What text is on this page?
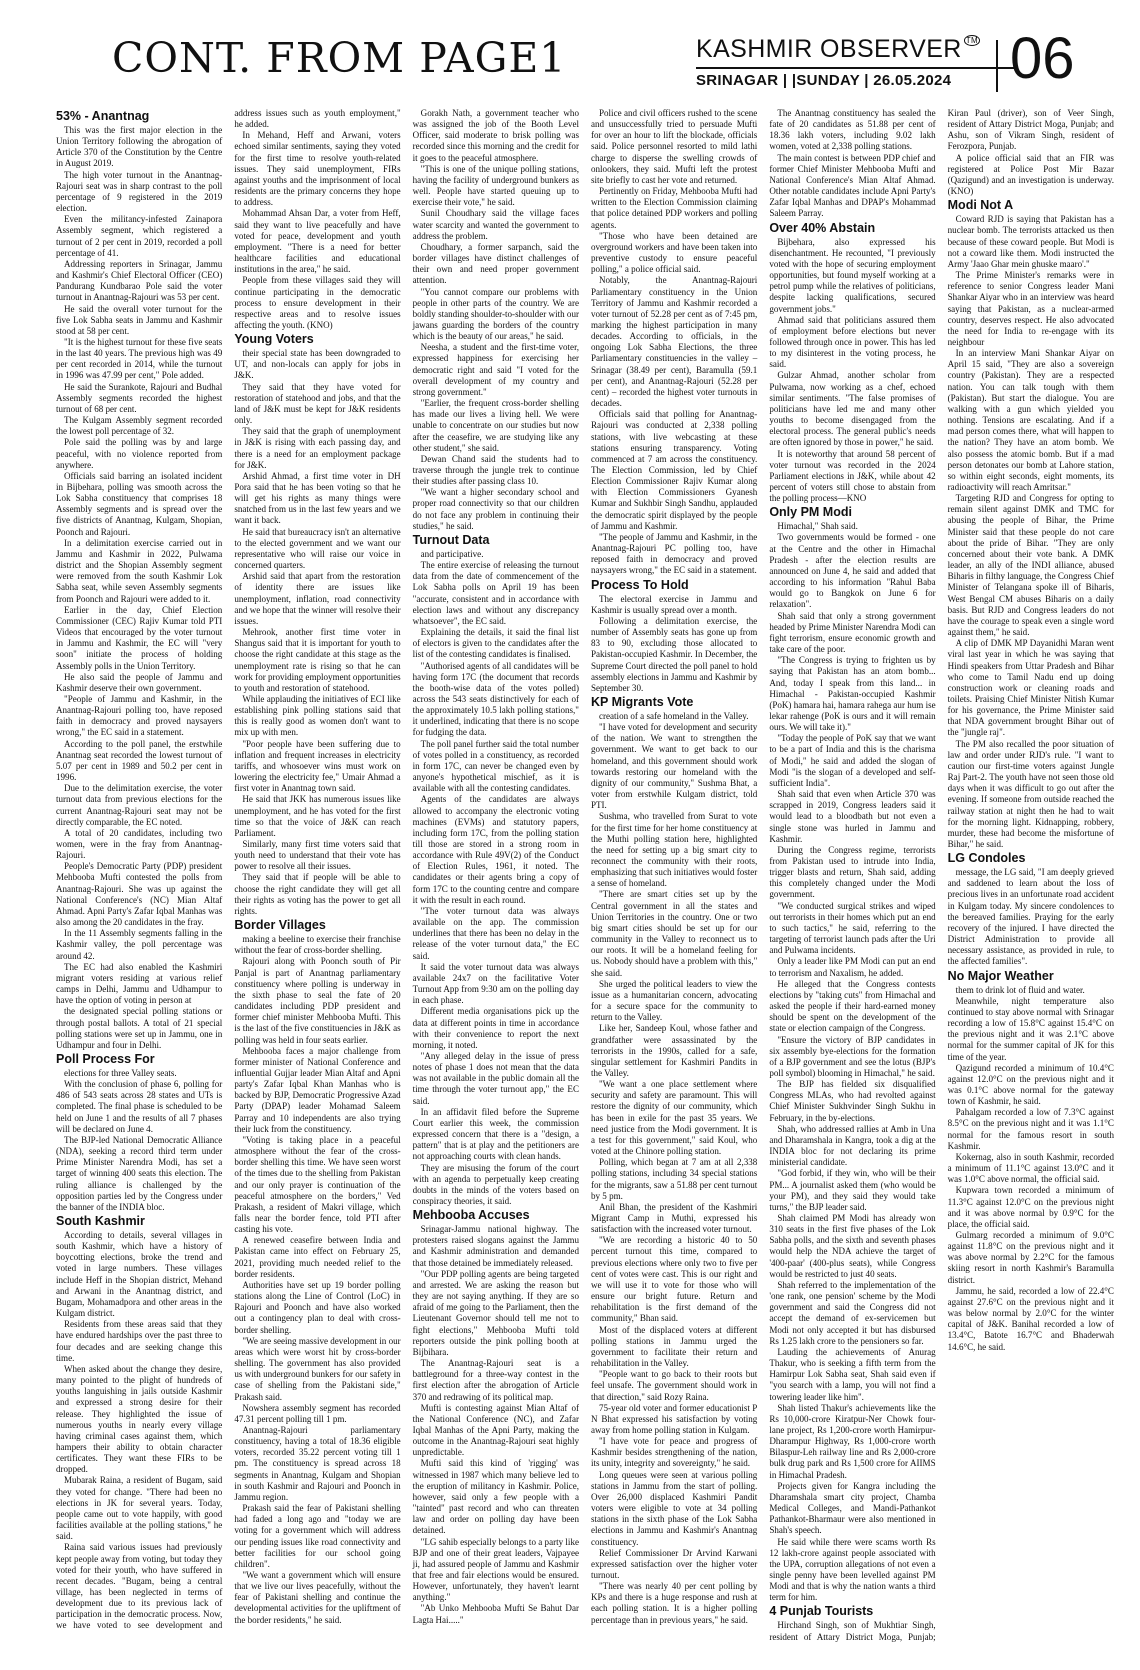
CONT. FROM PAGE1	KASHMIR OBSERVER ™
SRINAGAR | |SUNDAY | 26.05.2024	06
53% - Anantnag

This was the first major election in the Union Territory following the abrogation of Article 370 of the Constitution by the Centre in August 2019.

The high voter turnout in the Anantnag-Rajouri seat was in sharp contrast to the poll percentage of 9 registered in the 2019 election.

Even the militancy-infested Zainapora Assembly segment, which registered a turnout of 2 per cent in 2019, recorded a poll percentage of 41.

Addressing reporters in Srinagar, Jammu and Kashmir's Chief Electoral Officer (CEO) Pandurang Kundbarao Pole said the voter turnout in Anantnag-Rajouri was 53 per cent.

He said the overall voter turnout for the five Lok Sabha seats in Jammu and Kashmir stood at 58 per cent.

"It is the highest turnout for these five seats in the last 40 years. The previous high was 49 per cent recorded in 2014, while the turnout in 1996 was 47.99 per cent," Pole added.

He said the Surankote, Rajouri and Budhal Assembly segments recorded the highest turnout of 68 per cent.

The Kulgam Assembly segment recorded the lowest poll percentage of 32.

Pole said the polling was by and large peaceful, with no violence reported from anywhere.

Officials said barring an isolated incident in Bijbehara, polling was smooth across the Lok Sabha constituency that comprises 18 Assembly segments and is spread over the five districts of Anantnag, Kulgam, Shopian, Poonch and Rajouri.

In a delimitation exercise carried out in Jammu and Kashmir in 2022, Pulwama district and the Shopian Assembly segment were removed from the south Kashmir Lok Sabha seat, while seven Assembly segments from Poonch and Rajouri were added to it.

Earlier in the day, Chief Election Commissioner (CEC) Rajiv Kumar told PTI Videos that encouraged by the voter turnout in Jammu and Kashmir, the EC will "very soon" initiate the process of holding Assembly polls in the Union Territory.

He also said the people of Jammu and Kashmir deserve their own government.

"People of Jammu and Kashmir, in the Anantnag-Rajouri polling too, have reposed faith in democracy and proved naysayers wrong," the EC said in a statement.

According to the poll panel, the erstwhile Anantnag seat recorded the lowest turnout of 5.07 per cent in 1989 and 50.2 per cent in 1996.

Due to the delimitation exercise, the voter turnout data from previous elections for the current Anantnag-Rajouri seat may not be directly comparable, the EC noted.

A total of 20 candidates, including two women, were in the fray from Anantnag-Rajouri.

People's Democratic Party (PDP) president Mehbooba Mufti contested the polls from Anantnag-Rajouri. She was up against the National Conference's (NC) Mian Altaf Ahmad. Apni Party's Zafar Iqbal Manhas was also among the 20 candidates in the fray.

In the 11 Assembly segments falling in the Kashmir valley, the poll percentage was around 42.

The EC had also enabled the Kashmiri migrant voters residing at various relief camps in Delhi, Jammu and Udhampur to have the option of voting in person at

the designated special polling stations or through postal ballots. A total of 21 special polling stations were set up in Jammu, one in Udhampur and four in Delhi.

Poll Process For

elections for three Valley seats.

With the conclusion of phase 6, polling for 486 of 543 seats across 28 states and UTs is completed. The final phase is scheduled to be held on June 1 and the results of all 7 phases will be declared on June 4.

The BJP-led National Democratic Alliance (NDA), seeking a record third term under Prime Minister Narendra Modi, has set a target of winning 400 seats this election. The ruling alliance is challenged by the opposition parties led by the Congress under the banner of the INDIA bloc.

South Kashmir

According to details, several villages in south Kashmir, which have a history of boycotting elections, broke the trend and voted in large numbers. These villages include Heff in the Shopian district, Mehand and Arwani in the Anantnag district, and Bugam, Mohamadpora and other areas in the Kulgam district.

Residents from these areas said that they have endured hardships over the past three to four decades and are seeking change this time.

When asked about the change they desire, many pointed to the plight of hundreds of youths languishing in jails outside Kashmir and expressed a strong desire for their release. They highlighted the issue of numerous youths in nearly every village having criminal cases against them, which hampers their ability to obtain character certificates. They want these FIRs to be dropped.

Mubarak Raina, a resident of Bugam, said they voted for change. "There had been no elections in JK for several years. Today, people came out to vote happily, with good facilities available at the polling stations," he said.

Raina said various issues had previously kept people away from voting, but today they voted for their youth, who have suffered in recent decades. "Bugam, being a central village, has been neglected in terms of development due to its previous lack of participation in the democratic process. Now, we have voted to see development and address issues such as youth employment," he added.

In Mehand, Heff and Arwani, voters echoed similar sentiments, saying they voted for the first time to resolve youth-related issues. They said unemployment, FIRs against youths and the imprisonment of local residents are the primary concerns they hope to address.

Mohammad Ahsan Dar, a voter from Heff, said they want to live peacefully and have voted for peace, development and youth employment. "There is a need for better healthcare facilities and educational institutions in the area," he said.

People from these villages said they will continue participating in the democratic process to ensure development in their respective areas and to resolve issues affecting the youth. (KNO)

Young Voters

their special state has been downgraded to UT, and non-locals can apply for jobs in J&K.

They said that they have voted for restoration of statehood and jobs, and that the land of J&K must be kept for J&K residents only.

They said that the graph of unemployment in J&K is rising with each passing day, and there is a need for an employment package for J&K.

Arshid Ahmad, a first time voter in DH Pora said that he has been voting so that he will get his rights as many things were snatched from us in the last few years and we want it back.

He said that bureaucracy isn't an alternative to the elected government and we want our representative who will raise our voice in concerned quarters.

Arshid said that apart from the restoration of identity there are issues like unemployment, inflation, road connectivity and we hope that the winner will resolve their issues.

Mehrook, another first time voter in Shangus said that it is important for youth to choose the right candidate at this stage as the unemployment rate is rising so that he can work for providing employment opportunities to youth and restoration of statehood.

While applauding the initiatives of ECI like establishing pink polling stations said that this is really good as women don't want to mix up with men.

"Poor people have been suffering due to inflation and frequent increases in electricity tariffs, and whosoever wins must work on lowering the electricity fee," Umair Ahmad a first voter in Anantnag town said.

He said that JKK has numerous issues like unemployment, and he has voted for the first time so that the voice of J&K can reach Parliament.

Similarly, many first time voters said that youth need to understand that their vote has power to resolve all their issues.

They said that if people will be able to choose the right candidate they will get all their rights as voting has the power to get all rights.

Border Villages

making a beeline to exercise their franchise without the fear of cross-border shelling.

Rajouri along with Poonch south of Pir Panjal is part of Anantnag parliamentary constituency where polling is underway in the sixth phase to seal the fate of 20 candidates including PDP president and former chief minister Mehbooba Mufti. This is the last of the five constituencies in J&K as polling was held in four seats earlier.

Mehbooba faces a major challenge from former minister of National Conference and influential Gujjar leader Mian Altaf and Apni party's Zafar Iqbal Khan Manhas who is backed by BJP, Democratic Progressive Azad Party (DPAP) leader Mohamad Saleem Parray and 10 independents are also trying their luck from the constituency.

"Voting is taking place in a peaceful atmosphere without the fear of the cross-border shelling this time. We have seen worst of the times due to the shelling from Pakistan and our only prayer is continuation of the peaceful atmosphere on the borders," Ved Prakash, a resident of Makri village, which falls near the border fence, told PTI after casting his vote.

A renewed ceasefire between India and Pakistan came into effect on February 25, 2021, providing much needed relief to the border residents.

Authorities have set up 19 border polling stations along the Line of Control (LoC) in Rajouri and Poonch and have also worked out a contingency plan to deal with cross-border shelling.

"We are seeing massive development in our areas which were worst hit by cross-border shelling. The government has also provided us with underground bunkers for our safety in case of shelling from the Pakistani side," Prakash said.

Nowshera assembly segment has recorded 47.31 percent polling till 1 pm.

Anantnag-Rajouri parliamentary constituency, having a total of 18.36 eligible voters, recorded 35.22 percent voting till 1 pm. The constituency is spread across 18 segments in Anantnag, Kulgam and Shopian in south Kashmir and Rajouri and Poonch in Jammu region.

Prakash said the fear of Pakistani shelling had faded a long ago and "today we are voting for a government which will address our pending issues like road connectivity and better facilities for our school going children".

"We want a government which will ensure that we live our lives peacefully, without the fear of Pakistani shelling and continue the developmental activities for the upliftment of the border residents," he said.

Gorakh Nath, a government teacher who was assigned the job of the Booth Level Officer, said moderate to brisk polling was recorded since this morning and the credit for it goes to the peaceful atmosphere.

"This is one of the unique polling stations, having the facility of underground bunkers as well. People have started queuing up to exercise their vote," he said.

Sunil Choudhary said the village faces water scarcity and wanted the government to address the problem.

Choudhary, a former sarpanch, said the border villages have distinct challenges of their own and need proper government attention.

"You cannot compare our problems with people in other parts of the country. We are boldly standing shoulder-to-shoulder with our jawans guarding the borders of the country which is the beauty of our areas," he said.

Neesha, a student and the first-time voter, expressed happiness for exercising her democratic right and said "I voted for the overall development of my country and strong government."

"Earlier, the frequent cross-border shelling has made our lives a living hell. We were unable to concentrate on our studies but now after the ceasefire, we are studying like any other student," she said.

Dewan Chand said the students had to traverse through the jungle trek to continue their studies after passing class 10.

"We want a higher secondary school and proper road connectivity so that our children do not face any problem in continuing their studies," he said.

Turnout Data

and participative.

The entire exercise of releasing the turnout data from the date of commencement of the Lok Sabha polls on April 19 has been "accurate, consistent and in accordance with election laws and without any discrepancy whatsoever", the EC said.

Explaining the details, it said the final list of electors is given to the candidates after the list of the contesting candidates is finalised.

"Authorised agents of all candidates will be having form 17C (the document that records the booth-wise data of the votes polled) across the 543 seats distinctively for each of the approximately 10.5 lakh polling stations," it underlined, indicating that there is no scope for fudging the data.

The poll panel further said the total number of votes polled in a constituency, as recorded in form 17C, can never be changed even by anyone's hypothetical mischief, as it is available with all the contesting candidates.

Agents of the candidates are always allowed to accompany the electronic voting machines (EVMs) and statutory papers, including form 17C, from the polling station till those are stored in a strong room in accordance with Rule 49V(2) of the Conduct of Election Rules, 1961, it noted. The candidates or their agents bring a copy of form 17C to the counting centre and compare it with the result in each round.

"The voter turnout data was always available on the app. The commission underlines that there has been no delay in the release of the voter turnout data," the EC said.

It said the voter turnout data was always available 24x7 on the facilitative Voter Turnout App from 9:30 am on the polling day in each phase.

Different media organisations pick up the data at different points in time in accordance with their convenience to report the next morning, it noted.

"Any alleged delay in the issue of press notes of phase 1 does not mean that the data was not available in the public domain all the time through the voter turnout app," the EC said.

In an affidavit filed before the Supreme Court earlier this week, the commission expressed concern that there is a "design, a pattern" that is at play and the petitioners are not approaching courts with clean hands.

They are misusing the forum of the court with an agenda to perpetually keep creating doubts in the minds of the voters based on conspiracy theories, it said.

Mehbooba Accuses

Srinagar-Jammu national highway. The protesters raised slogans against the Jammu and Kashmir administration and demanded that those detained be immediately released.

"Our PDP polling agents are being targeted and arrested. We are asking the reason but they are not saying anything. If they are so afraid of me going to the Parliament, then the Lieutenant Governor should tell me not to fight elections," Mehbooba Mufti told reporters outside the pink polling booth at Bijbihara.

The Anantnag-Rajouri seat is a battleground for a three-way contest in the first election after the abrogation of Article 370 and redrawing of its political map.

Mufti is contesting against Mian Altaf of the National Conference (NC), and Zafar Iqbal Manhas of the Apni Party, making the outcome in the Anantnag-Rajouri seat highly unpredictable.

Mufti said this kind of 'rigging' was witnessed in 1987 which many believe led to the eruption of militancy in Kashmir. Police, however, said only a few people with a "tainted" past record and who can threaten law and order on polling day have been detained.

"LG sahib especially belongs to a party like BJP and one of their great leaders, Vajpayee ji, had assured people of Jammu and Kashmir that free and fair elections would be ensured. However, unfortunately, they haven't learnt anything."

"Ab Unko Mehbooba Mufti Se Bahut Dar Lagta Hai....."

Police and civil officers rushed to the scene and unsuccessfully tried to persuade Mufti for over an hour to lift the blockade, officials said. Police personnel resorted to mild lathi charge to disperse the swelling crowds of onlookers, they said. Mufti left the protest site briefly to cast her vote and returned.

Pertinently on Friday, Mehbooba Mufti had written to the Election Commission claiming that police detained PDP workers and polling agents.

"Those who have been detained are overground workers and have been taken into preventive custody to ensure peaceful polling," a police official said.

Notably, the Anantnag-Rajouri Parliamentary constituency in the Union Territory of Jammu and Kashmir recorded a voter turnout of 52.28 per cent as of 7:45 pm, marking the highest participation in many decades. According to officials, in the ongoing Lok Sabha Elections, the three Parliamentary constituencies in the valley – Srinagar (38.49 per cent), Baramulla (59.1 per cent), and Anantnag-Rajouri (52.28 per cent) – recorded the highest voter turnouts in decades.

Officials said that polling for Anantnag-Rajouri was conducted at 2,338 polling stations, with live webcasting at these stations ensuring transparency. Voting commenced at 7 am across the constituency. The Election Commission, led by Chief Election Commissioner Rajiv Kumar along with Election Commissioners Gyanesh Kumar and Sukhbir Singh Sandhu, applauded the democratic spirit displayed by the people of Jammu and Kashmir.

"The people of Jammu and Kashmir, in the Anantnag-Rajouri PC polling too, have reposed faith in democracy and proved naysayers wrong," the EC said in a statement.

Process To Hold

The electoral exercise in Jammu and Kashmir is usually spread over a month.

Following a delimitation exercise, the number of Assembly seats has gone up from 83 to 90, excluding those allocated to Pakistan-occupied Kashmir. In December, the Supreme Court directed the poll panel to hold assembly elections in Jammu and Kashmir by September 30.

KP Migrants Vote

creation of a safe homeland in the Valley.

"I have voted for development and security of the nation. We want to strengthen the government. We want to get back to our homeland, and this government should work towards restoring our homeland with the dignity of our community," Sushma Bhat, a voter from erstwhile Kulgam district, told PTI.

Sushma, who travelled from Surat to vote for the first time for her home constituency at the Muthi polling station here, highlighted the need for setting up a big smart city to reconnect the community with their roots, emphasizing that such initiatives would foster a sense of homeland.

"There are smart cities set up by the Central government in all the states and Union Territories in the country. One or two big smart cities should be set up for our community in the Valley to reconnect us to our roots. It will be a homeland feeling for us. Nobody should have a problem with this," she said.

She urged the political leaders to view the issue as a humanitarian concern, advocating for a secure space for the community to return to the Valley.

Like her, Sandeep Koul, whose father and grandfather were assassinated by the terrorists in the 1990s, called for a safe, singular settlement for Kashmiri Pandits in the Valley.

"We want a one place settlement where security and safety are paramount. This will restore the dignity of our community, which has been in exile for the past 35 years. We need justice from the Modi government. It is a test for this government," said Koul, who voted at the Chinore polling station.

Polling, which began at 7 am at all 2,338 polling stations, including 34 special stations for the migrants, saw a 51.88 per cent turnout by 5 pm.

Anil Bhan, the president of the Kashmiri Migrant Camp in Muthi, expressed his satisfaction with the increased voter turnout.

"We are recording a historic 40 to 50 percent turnout this time, compared to previous elections where only two to five per cent of votes were cast. This is our right and we will use it to vote for those who will ensure our bright future. Return and rehabilitation is the first demand of the community," Bhan said.

Most of the displaced voters at different polling stations in Jammu urged the government to facilitate their return and rehabilitation in the Valley.

"People want to go back to their roots but feel unsafe. The government should work in that direction," said Rozy Raina.

75-year old voter and former educationist P N Bhat expressed his satisfaction by voting away from home polling station in Kulgam.

"I have vote for peace and progress of Kashmir besides strengthening of the nation, its unity, integrity and sovereignty," he said.

Long queues were seen at various polling stations in Jammu from the start of polling. Over 26,000 displaced Kashmiri Pandit voters were eligible to vote at 34 polling stations in the sixth phase of the Lok Sabha elections in Jammu and Kashmir's Anantnag constituency.

Relief Commissioner Dr Arvind Karwani expressed satisfaction over the higher voter turnout.

"There was nearly 40 per cent polling by KPs and there is a huge response and rush at each polling station. It is a higher polling percentage than in previous years," he said.

The Anantnag constituency has sealed the fate of 20 candidates as 51.88 per cent of 18.36 lakh voters, including 9.02 lakh women, voted at 2,338 polling stations.

The main contest is between PDP chief and former Chief Minister Mehbooba Mufti and National Conference's Mian Altaf Ahmad. Other notable candidates include Apni Party's Zafar Iqbal Manhas and DPAP's Mohammad Saleem Parray.

Over 40% Abstain

Bijbehara, also expressed his disenchantment. He recounted, "I previously voted with the hope of securing employment opportunities, but found myself working at a petrol pump while the relatives of politicians, despite lacking qualifications, secured government jobs."

Ahmad said that politicians assured them of employment before elections but never followed through once in power. This has led to my disinterest in the voting process, he said.

Gulzar Ahmad, another scholar from Pulwama, now working as a chef, echoed similar sentiments. "The false promises of politicians have led me and many other youths to become disengaged from the electoral process. The general public's needs are often ignored by those in power," he said.

It is noteworthy that around 58 percent of voter turnout was recorded in the 2024 Parliament elections in J&K, while about 42 percent of voters still chose to abstain from the polling process—KNO

Only PM Modi

Himachal," Shah said.

Two governments would be formed - one at the Centre and the other in Himachal Pradesh - after the election results are announced on June 4, he said and added that according to his information "Rahul Baba would go to Bangkok on June 6 for relaxation".

Shah said that only a strong government headed by Prime Minister Narendra Modi can fight terrorism, ensure economic growth and take care of the poor.

"The Congress is trying to frighten us by saying that Pakistan has an atom bomb... And, today I speak from this land... in Himachal - Pakistan-occupied Kashmir (PoK) hamara hai, hamara rahega aur hum ise lekar rahenge (PoK is ours and it will remain ours. We will take it)."

"Today the people of PoK say that we want to be a part of India and this is the charisma of Modi," he said and added the slogan of Modi "is the slogan of a developed and self-sufficient India".

Shah said that even when Article 370 was scrapped in 2019, Congress leaders said it would lead to a bloodbath but not even a single stone was hurled in Jammu and Kashmir.

During the Congress regime, terrorists from Pakistan used to intrude into India, trigger blasts and return, Shah said, adding this completely changed under the Modi government.

"We conducted surgical strikes and wiped out terrorists in their homes which put an end to such tactics," he said, referring to the targeting of terrorist launch pads after the Uri and Pulwama incidents.

Only a leader like PM Modi can put an end to terrorism and Naxalism, he added.

He alleged that the Congress contests elections by "taking cuts" from Himachal and asked the people if their hard-earned money should be spent on the development of the state or election campaign of the Congress.

"Ensure the victory of BJP candidates in six assembly bye-elections for the formation of a BJP government and see the lotus (BJP's poll symbol) blooming in Himachal," he said.

The BJP has fielded six disqualified Congress MLAs, who had revolted against Chief Minister Sukhvinder Singh Sukhu in February, in the by-elections.

Shah, who addressed rallies at Amb in Una and Dharamshala in Kangra, took a dig at the INDIA bloc for not declaring its prime ministerial candidate.

"God forbid, if they win, who will be their PM... A journalist asked them (who would be your PM), and they said they would take turns," the BJP leader said.

Shah claimed PM Modi has already won 310 seats in the first five phases of the Lok Sabha polls, and the sixth and seventh phases would help the NDA achieve the target of '400-paar' (400-plus seats), while Congress would be restricted to just 40 seats.

Shah referred to the implementation of the 'one rank, one pension' scheme by the Modi government and said the Congress did not accept the demand of ex-servicemen but Modi not only accepted it but has disbursed Rs 1.25 lakh crore to the pensioners so far.

Lauding the achievements of Anurag Thakur, who is seeking a fifth term from the Hamirpur Lok Sabha seat, Shah said even if "you search with a lamp, you will not find a towering leader like him".

Shah listed Thakur's achievements like the Rs 10,000-crore Kiratpur-Ner Chowk four-lane project, Rs 1,200-crore worth Hamirpur-Dharampur Highway, Rs 1,000-crore worth Bilaspur-Leh railway line and Rs 2,000-crore bulk drug park and Rs 1,500 crore for AIIMS in Himachal Pradesh.

Projects given for Kangra including the Dharamshala smart city project, Chamba Medical Colleges, and Mandi-Pathankot Pathankot-Bharmaur were also mentioned in Shah's speech.

He said while there were scams worth Rs 12 lakh-crore against people associated with the UPA, corruption allegations of not even a single penny have been levelled against PM Modi and that is why the nation wants a third term for him.

4 Punjab Tourists

Hirchand Singh, son of Mukhtiar Singh, resident of Attary District Moga, Punjab; Kiran Paul (driver), son of Veer Singh, resident of Attary District Moga, Punjab; and Ashu, son of Vikram Singh, resident of Ferozpora, Punjab.

A police official said that an FIR was registered at Police Post Mir Bazar (Qazigund) and an investigation is underway. (KNO)

Modi Not A

Coward RJD is saying that Pakistan has a nuclear bomb. The terrorists attacked us then because of these coward people. But Modi is not a coward like them. Modi instructed the Army 'Jaao Ghar mein ghuske maaro'."

The Prime Minister's remarks were in reference to senior Congress leader Mani Shankar Aiyar who in an interview was heard saying that Pakistan, as a nuclear-armed country, deserves respect. He also advocated the need for India to re-engage with its neighbour

In an interview Mani Shankar Aiyar on April 15 said, "They are also a sovereign country (Pakistan). They are a respected nation. You can talk tough with them (Pakistan). But start the dialogue. You are walking with a gun which yielded you nothing. Tensions are escalating. And if a mad person comes there, what will happen to the nation? They have an atom bomb. We also possess the atomic bomb. But if a mad person detonates our bomb at Lahore station, so within eight seconds, eight moments, its radioactivity will reach Amritsar."

Targeting RJD and Congress for opting to remain silent against DMK and TMC for abusing the people of Bihar, the Prime Minister said that these people do not care about the pride of Bihar. "They are only concerned about their vote bank. A DMK leader, an ally of the INDI alliance, abused Biharis in filthy language, the Congress Chief Minister of Telangana spoke ill of Biharis, West Bengal CM abuses Biharis on a daily basis. But RJD and Congress leaders do not have the courage to speak even a single word against them," he said.

A clip of DMK MP Dayanidhi Maran went viral last year in which he was saying that Hindi speakers from Uttar Pradesh and Bihar who come to Tamil Nadu end up doing construction work or cleaning roads and toilets. Praising Chief Minister Nitish Kumar for his governance, the Prime Minister said that NDA government brought Bihar out of the "jungle raj".

The PM also recalled the poor situation of law and order under RJD's rule. "I want to caution our first-time voters against Jungle Raj Part-2. The youth have not seen those old days when it was difficult to go out after the evening. If someone from outside reached the railway station at night then he had to wait for the morning light. Kidnapping, robbery, murder, these had become the misfortune of Bihar," he said.

LG Condoles

message, the LG said, "I am deeply grieved and saddened to learn about the loss of precious lives in an unfortunate road accident in Kulgam today. My sincere condolences to the bereaved families. Praying for the early recovery of the injured. I have directed the District Administration to provide all necessary assistance, as provided in rule, to the affected families".

No Major Weather

them to drink lot of fluid and water.

Meanwhile, night temperature also continued to stay above normal with Srinagar recording a low of 15.8°C against 15.4°C on the previous night and it was 2.1°C above normal for the summer capital of JK for this time of the year.

Qazigund recorded a minimum of 10.4°C against 12.0°C on the previous night and it was 0.1°C above normal for the gateway town of Kashmir, he said.

Pahalgam recorded a low of 7.3°C against 8.5°C on the previous night and it was 1.1°C normal for the famous resort in south Kashmir.

Kokernag, also in south Kashmir, recorded a minimum of 11.1°C against 13.0°C and it was 1.0°C above normal, the official said.

Kupwara town recorded a minimum of 11.3°C against 12.0°C on the previous night and it was above normal by 0.9°C for the place, the official said.

Gulmarg recorded a minimum of 9.0°C against 11.8°C on the previous night and it was above normal by 2.2°C for the famous skiing resort in north Kashmir's Baramulla district.

Jammu, he said, recorded a low of 22.4°C against 27.6°C on the previous night and it was below normal by 2.0°C for the winter capital of J&K. Banihal recorded a low of 13.4°C, Batote 16.7°C and Bhaderwah 14.6°C, he said.
